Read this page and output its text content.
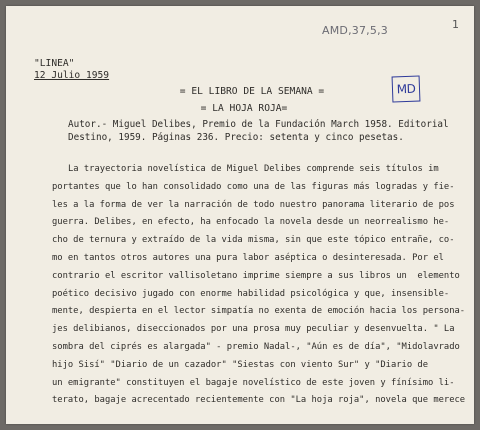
AMD,37,5,3	1
"LINEA"
12 Julio 1959
MD
= EL LIBRO DE LA SEMANA =
= LA HOJA ROJA=
Autor.- Miguel Delibes, Premio de la Fundación March 1958. Editorial
Destino, 1959. Páginas 236. Precio: setenta y cinco pesetas.

La trayectoria novelística de Miguel Delibes comprende seis títulos im

portantes que lo han consolidado como una de las figuras más logradas y fie-

les a la forma de ver la narración de todo nuestro panorama literario de pos

guerra. Delibes, en efecto, ha enfocado la novela desde un neorrealismo he-

cho de ternura y extraído de la vida misma, sin que este tópico entrañe, co-

mo en tantos otros autores una pura labor aséptica o desinteresada. Por el

contrario el escritor vallisoletano imprime siempre a sus libros un  elemento

poético decisivo jugado con enorme habilidad psicológica y que, insensible-

mente, despierta en el lector simpatía no exenta de emoción hacia los persona-

jes delibianos, diseccionados por una prosa muy peculiar y desenvuelta. " La

sombra del ciprés es alargada" - premio Nadal-, "Aún es de día", "Midolavrado

hijo Sisí" "Diario de un cazador" "Siestas con viento Sur" y "Diario de

un emigrante" constituyen el bagaje novelístico de este joven y fínísimo li-

terato, bagaje acrecentado recientemente con "La hoja roja", novela que merece
